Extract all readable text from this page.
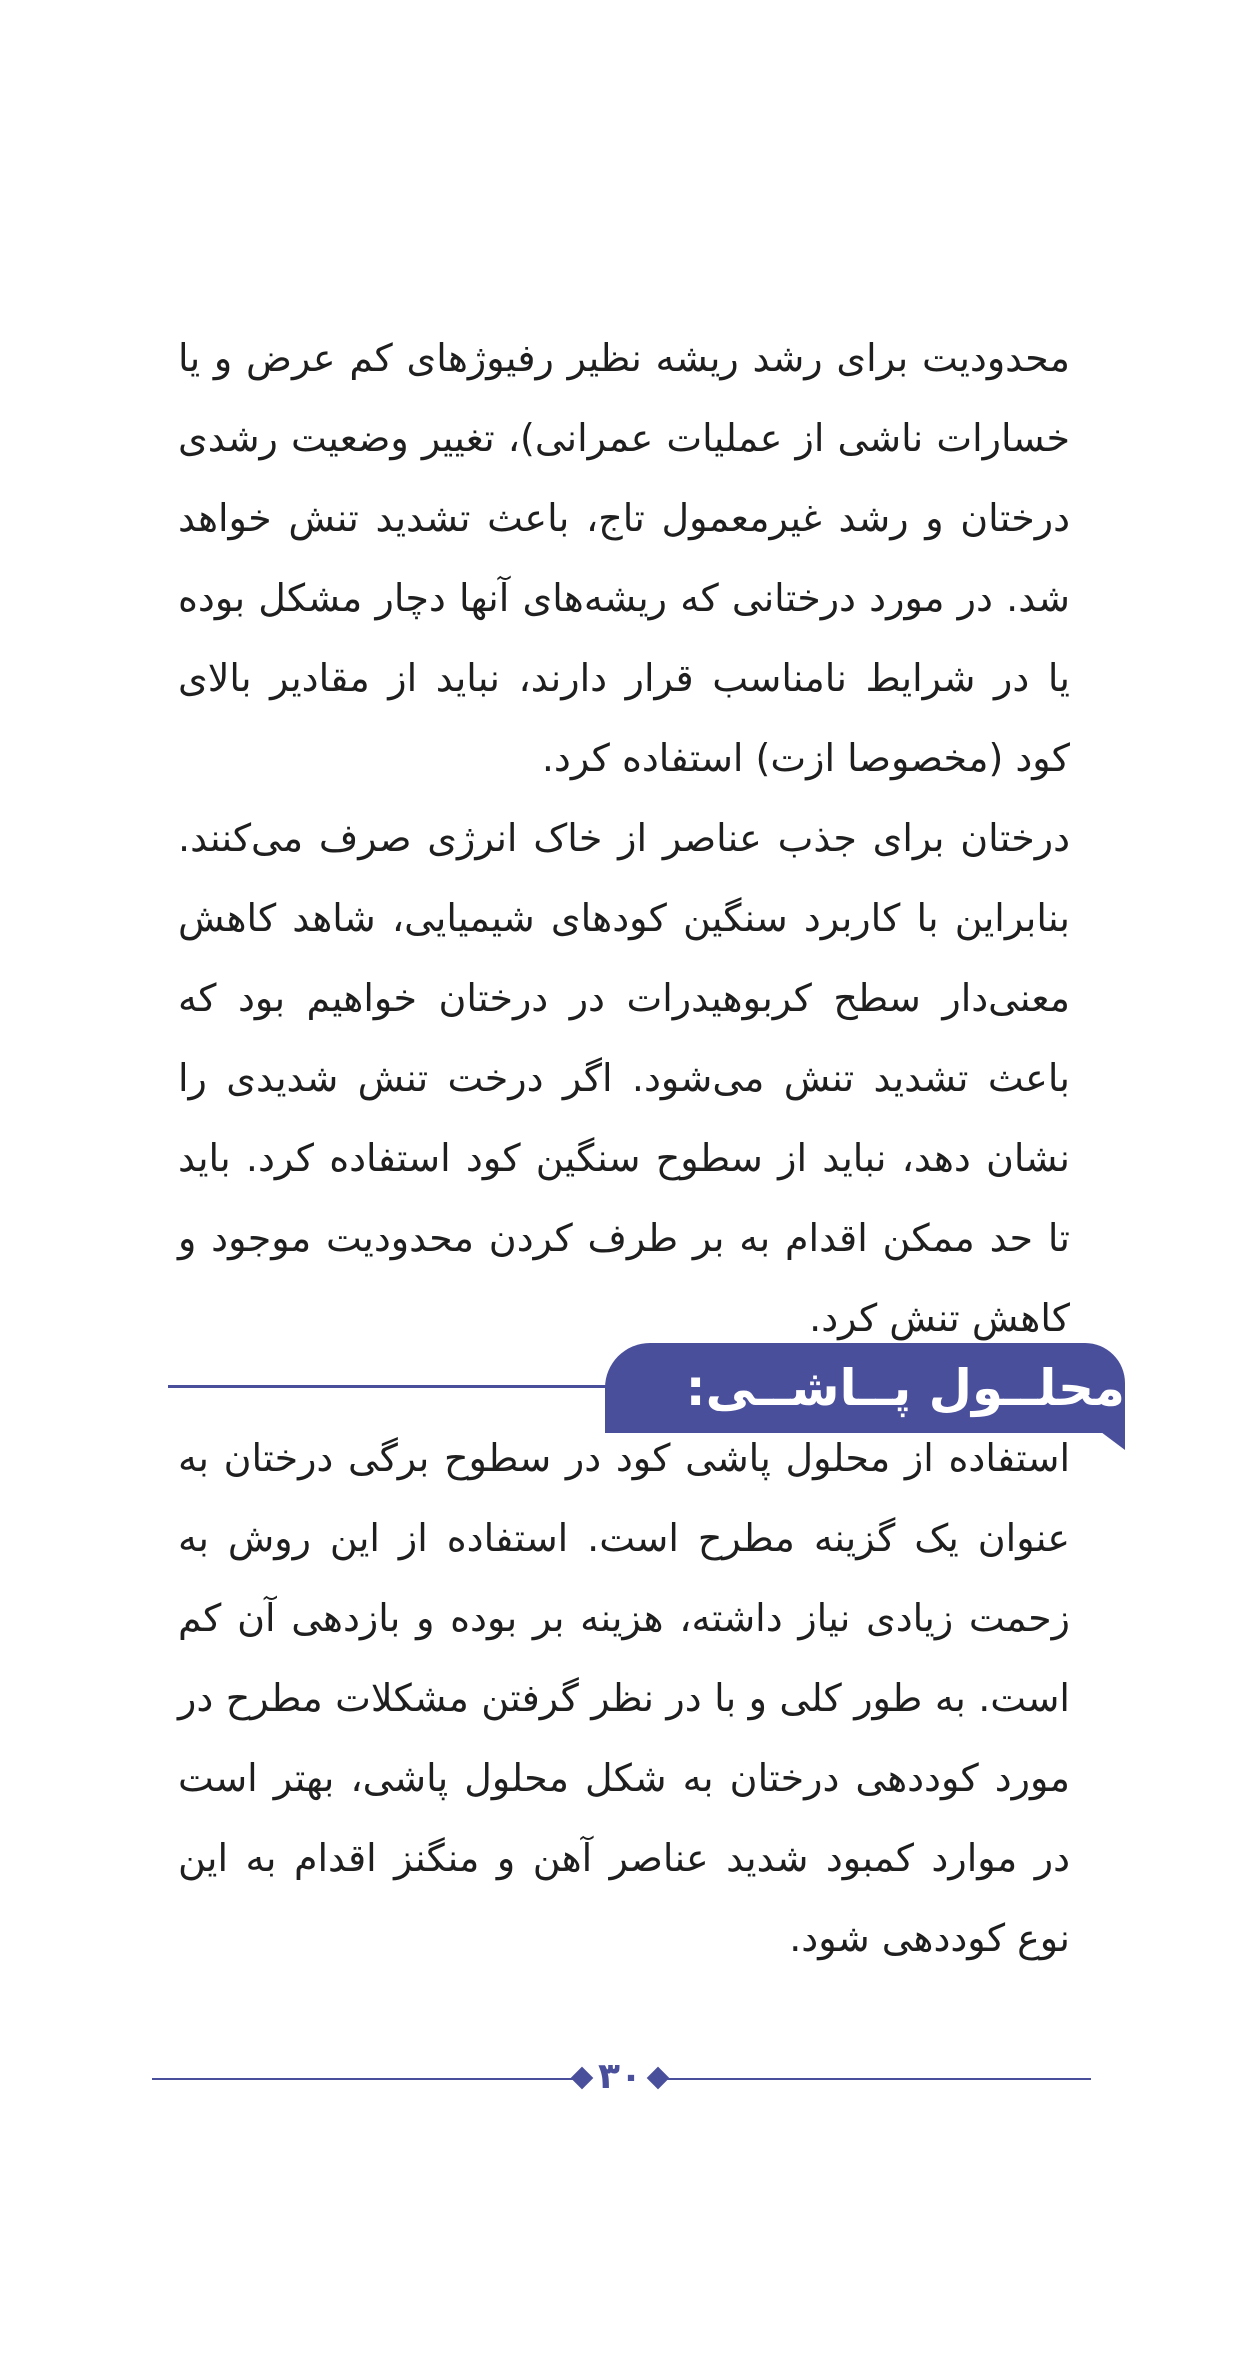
محدودیت برای رشد ریشه نظیر رفیوژهای کم عرض و یا خسارات ناشی از عملیات عمرانی)، تغییر وضعیت رشدی درختان و رشد غیرمعمول تاج، باعث تشدید تنش خواهد شد. در مورد درختانی که ریشه‌های آنها دچار مشکل بوده یا در شرایط نامناسب قرار دارند، نباید از مقادیر بالای کود (مخصوصا ازت) استفاده کرد.

درختان برای جذب عناصر از خاک انرژی صرف می‌کنند. بنابراین با کاربرد سنگین کودهای شیمیایی، شاهد کاهش معنی‌دار سطح کربوهیدرات در درختان خواهیم بود که باعث تشدید تنش می‌شود. اگر درخت تنش شدیدی را نشان دهد، نباید از سطوح سنگین کود استفاده کرد. باید تا حد ممکن اقدام به بر طرف کردن محدودیت موجود و کاهش تنش کرد.

محلــول پــاشــی:

استفاده از محلول پاشی کود در سطوح برگی درختان به عنوان یک گزینه مطرح است. استفاده از این روش به زحمت زیادی نیاز داشته، هزینه بر بوده و بازدهی آن کم است. به طور کلی و با در نظر گرفتن مشکلات مطرح در مورد کوددهی درختان به شکل محلول پاشی، بهتر است در موارد کمبود شدید عناصر آهن و منگنز اقدام به این نوع کوددهی شود.

۳۰
